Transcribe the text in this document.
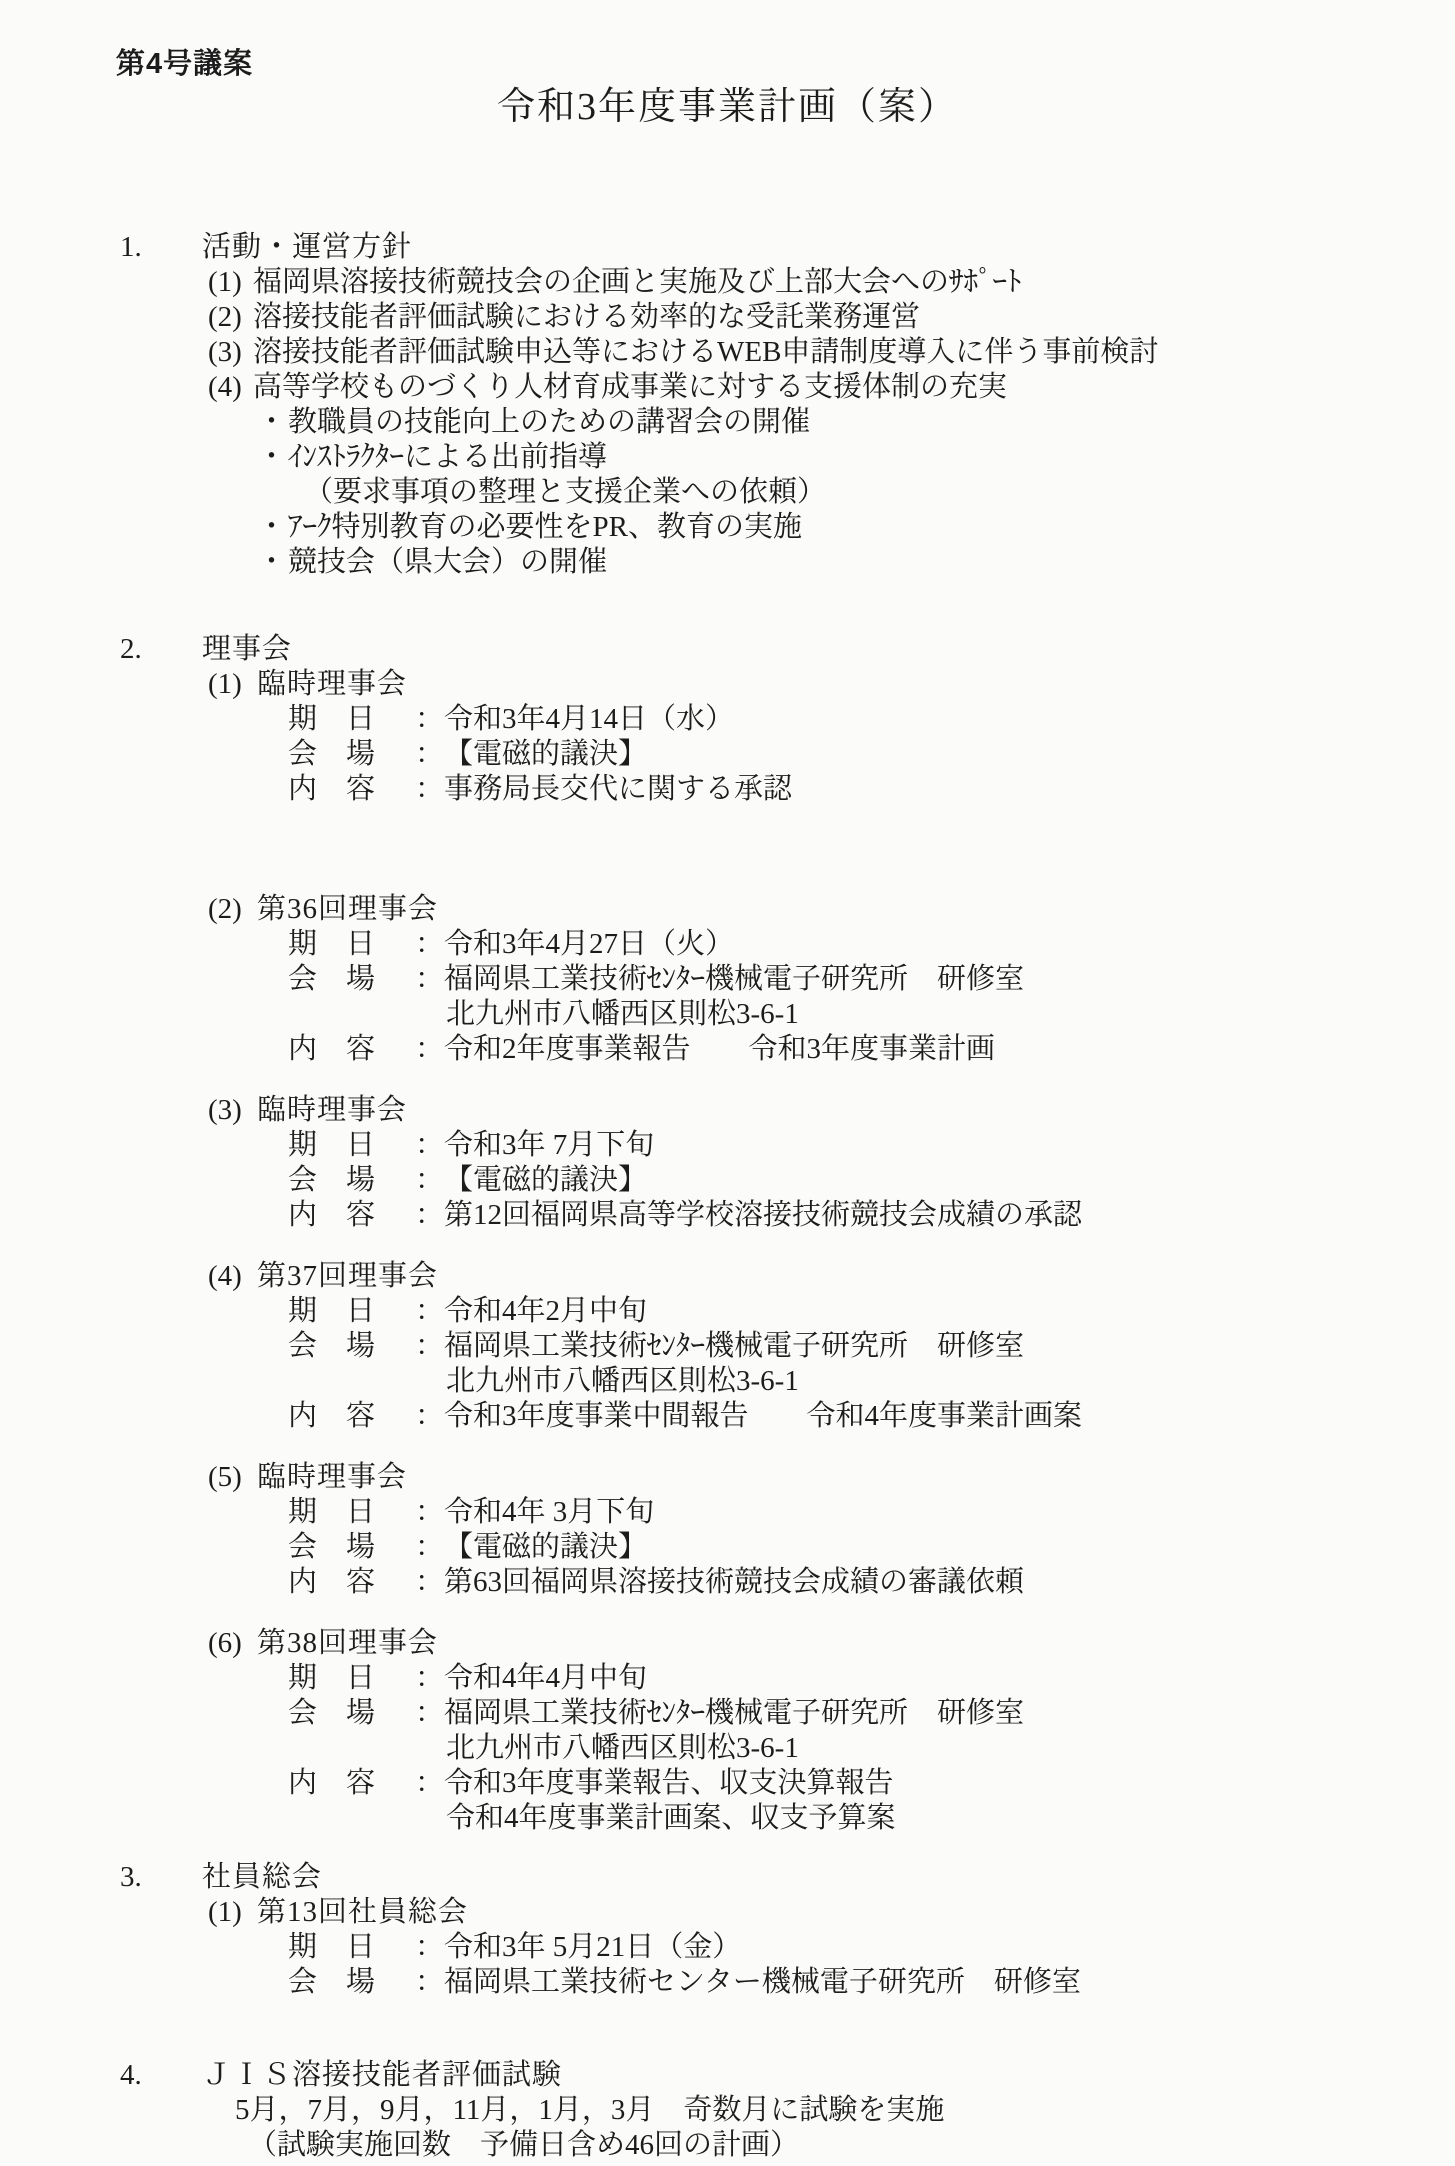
第4号議案
令和3年度事業計画（案）
1.	活動・運営方針
(1) 福岡県溶接技術競技会の企画と実施及び上部大会へのｻﾎﾟｰﾄ
(2) 溶接技能者評価試験における効率的な受託業務運営
(3) 溶接技能者評価試験申込等におけるWEB申請制度導入に伴う事前検討
(4) 高等学校ものづくり人材育成事業に対する支援体制の充実
・ 教職員の技能向上のための講習会の開催
・ ｲﾝｽﾄﾗｸﾀｰによる出前指導
（要求事項の整理と支援企業への依頼）
・ ｱｰｸ特別教育の必要性をPR、教育の実施
・ 競技会（県大会）の開催
2.	理事会
(1) 臨時理事会
期　日 ： 令和3年4月14日（水）
会　場 ： 【電磁的議決】
内　容 ： 事務局長交代に関する承認
(2) 第36回理事会
期　日 ： 令和3年4月27日（火）
会　場 ： 福岡県工業技術ｾﾝﾀｰ機械電子研究所　研修室
北九州市八幡西区則松3-6-1
内　容 ： 令和2年度事業報告　　令和3年度事業計画
(3) 臨時理事会
期　日 ： 令和3年 7月下旬
会　場 ： 【電磁的議決】
内　容 ： 第12回福岡県高等学校溶接技術競技会成績の承認
(4) 第37回理事会
期　日 ： 令和4年2月中旬
会　場 ： 福岡県工業技術ｾﾝﾀｰ機械電子研究所　研修室
北九州市八幡西区則松3-6-1
内　容 ： 令和3年度事業中間報告　　令和4年度事業計画案
(5) 臨時理事会
期　日 ： 令和4年 3月下旬
会　場 ： 【電磁的議決】
内　容 ： 第63回福岡県溶接技術競技会成績の審議依頼
(6) 第38回理事会
期　日 ： 令和4年4月中旬
会　場 ： 福岡県工業技術ｾﾝﾀｰ機械電子研究所　研修室
北九州市八幡西区則松3-6-1
内　容 ： 令和3年度事業報告、収支決算報告
令和4年度事業計画案、収支予算案
3.	社員総会
(1) 第13回社員総会
期　日 ： 令和3年 5月21日（金）
会　場 ： 福岡県工業技術センター機械電子研究所　研修室
4.	ＪＩＳ溶接技能者評価試験
5月，7月，9月，11月，1月，3月　奇数月に試験を実施
（試験実施回数　予備日含め46回の計画）
